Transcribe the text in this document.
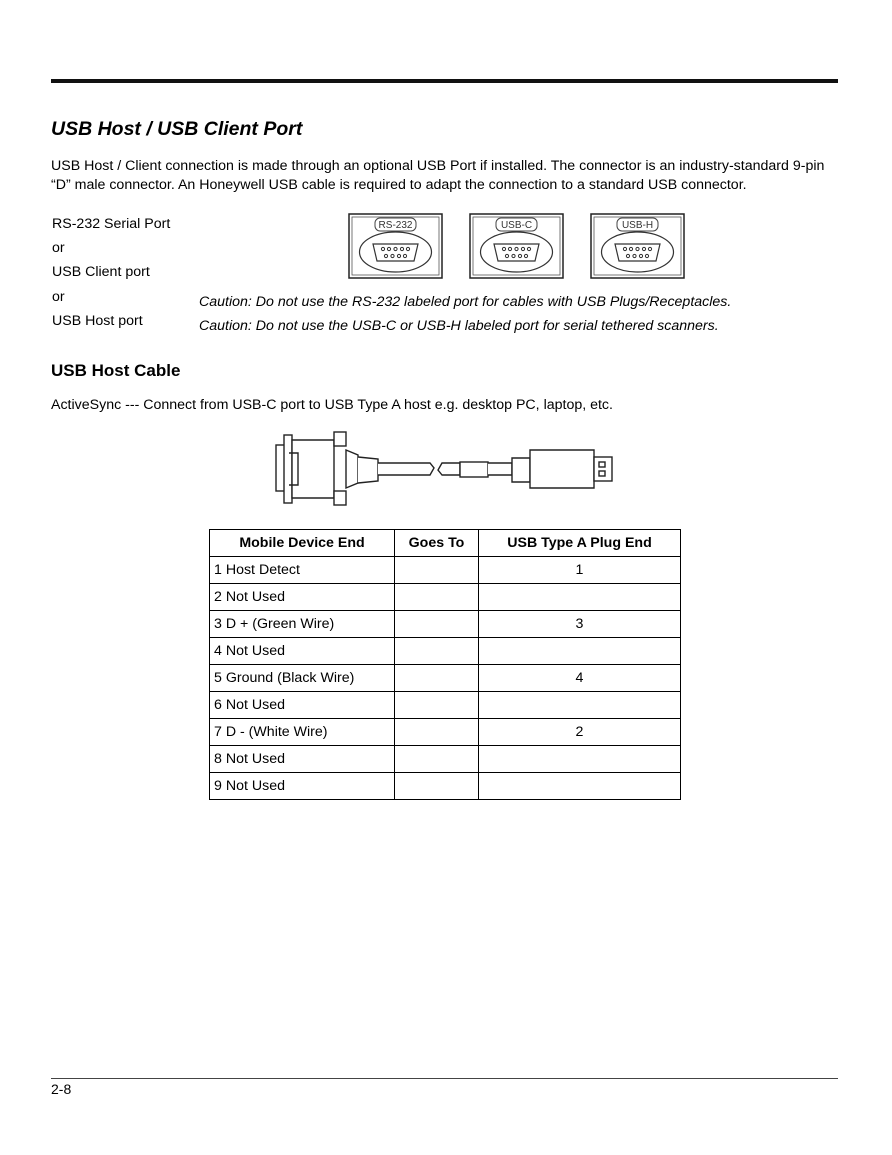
USB Host / USB Client Port

USB Host / Client connection is made through an optional USB Port if installed. The connector is an industry-standard 9-pin “D” male connector. An Honeywell USB cable is required to adapt the connection to a standard USB connector.

RS-232 Serial Port
or
USB Client port
or
USB Host port
RS-232	USB-C	USB-H

Caution: Do not use the RS-232 labeled port for cables with USB Plugs/Receptacles.

Caution: Do not use the USB-C or USB-H labeled port for serial tethered scanners.

USB Host Cable

ActiveSync --- Connect from USB-C port to USB Type A host e.g. desktop PC, laptop, etc.

Mobile Device End	Goes To	USB Type A Plug End
1 Host Detect		1
2 Not Used		
3 D + (Green Wire)		3
4 Not Used		
5 Ground (Black Wire)		4
6 Not Used		
7 D - (White Wire)		2
8 Not Used		
9 Not Used		

2-8
